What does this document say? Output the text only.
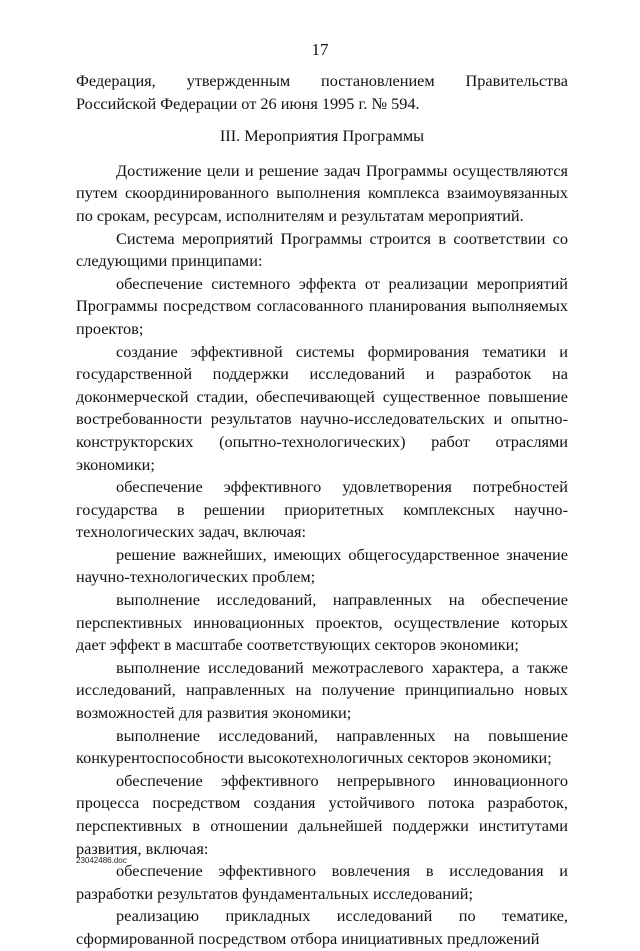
17

Федерация, утвержденным постановлением Правительства Российской Федерации от 26 июня 1995 г. № 594.

III. Мероприятия Программы

Достижение цели и решение задач Программы осуществляются путем скоординированного выполнения комплекса взаимоувязанных по срокам, ресурсам, исполнителям и результатам мероприятий.

Система мероприятий Программы строится в соответствии со следующими принципами:

обеспечение системного эффекта от реализации мероприятий Программы посредством согласованного планирования выполняемых проектов;

создание эффективной системы формирования тематики и государственной поддержки исследований и разработок на доконмерческой стадии, обеспечивающей существенное повышение востребованности результатов научно-исследовательских и опытно-конструкторских (опытно-технологических) работ отраслями экономики;

обеспечение эффективного удовлетворения потребностей государства в решении приоритетных комплексных научно-технологических задач, включая:

решение важнейших, имеющих общегосударственное значение научно-технологических проблем;

выполнение исследований, направленных на обеспечение перспективных инновационных проектов, осуществление которых дает эффект в масштабе соответствующих секторов экономики;

выполнение исследований межотраслевого характера, а также исследований, направленных на получение принципиально новых возможностей для развития экономики;

выполнение исследований, направленных на повышение конкурентоспособности высокотехнологичных секторов экономики;

обеспечение эффективного непрерывного инновационного процесса посредством создания устойчивого потока разработок, перспективных в отношении дальнейшей поддержки институтами развития, включая:

обеспечение эффективного вовлечения в исследования и разработки результатов фундаментальных исследований;

реализацию прикладных исследований по тематике, сформированной посредством отбора инициативных предложений

23042486.doc
